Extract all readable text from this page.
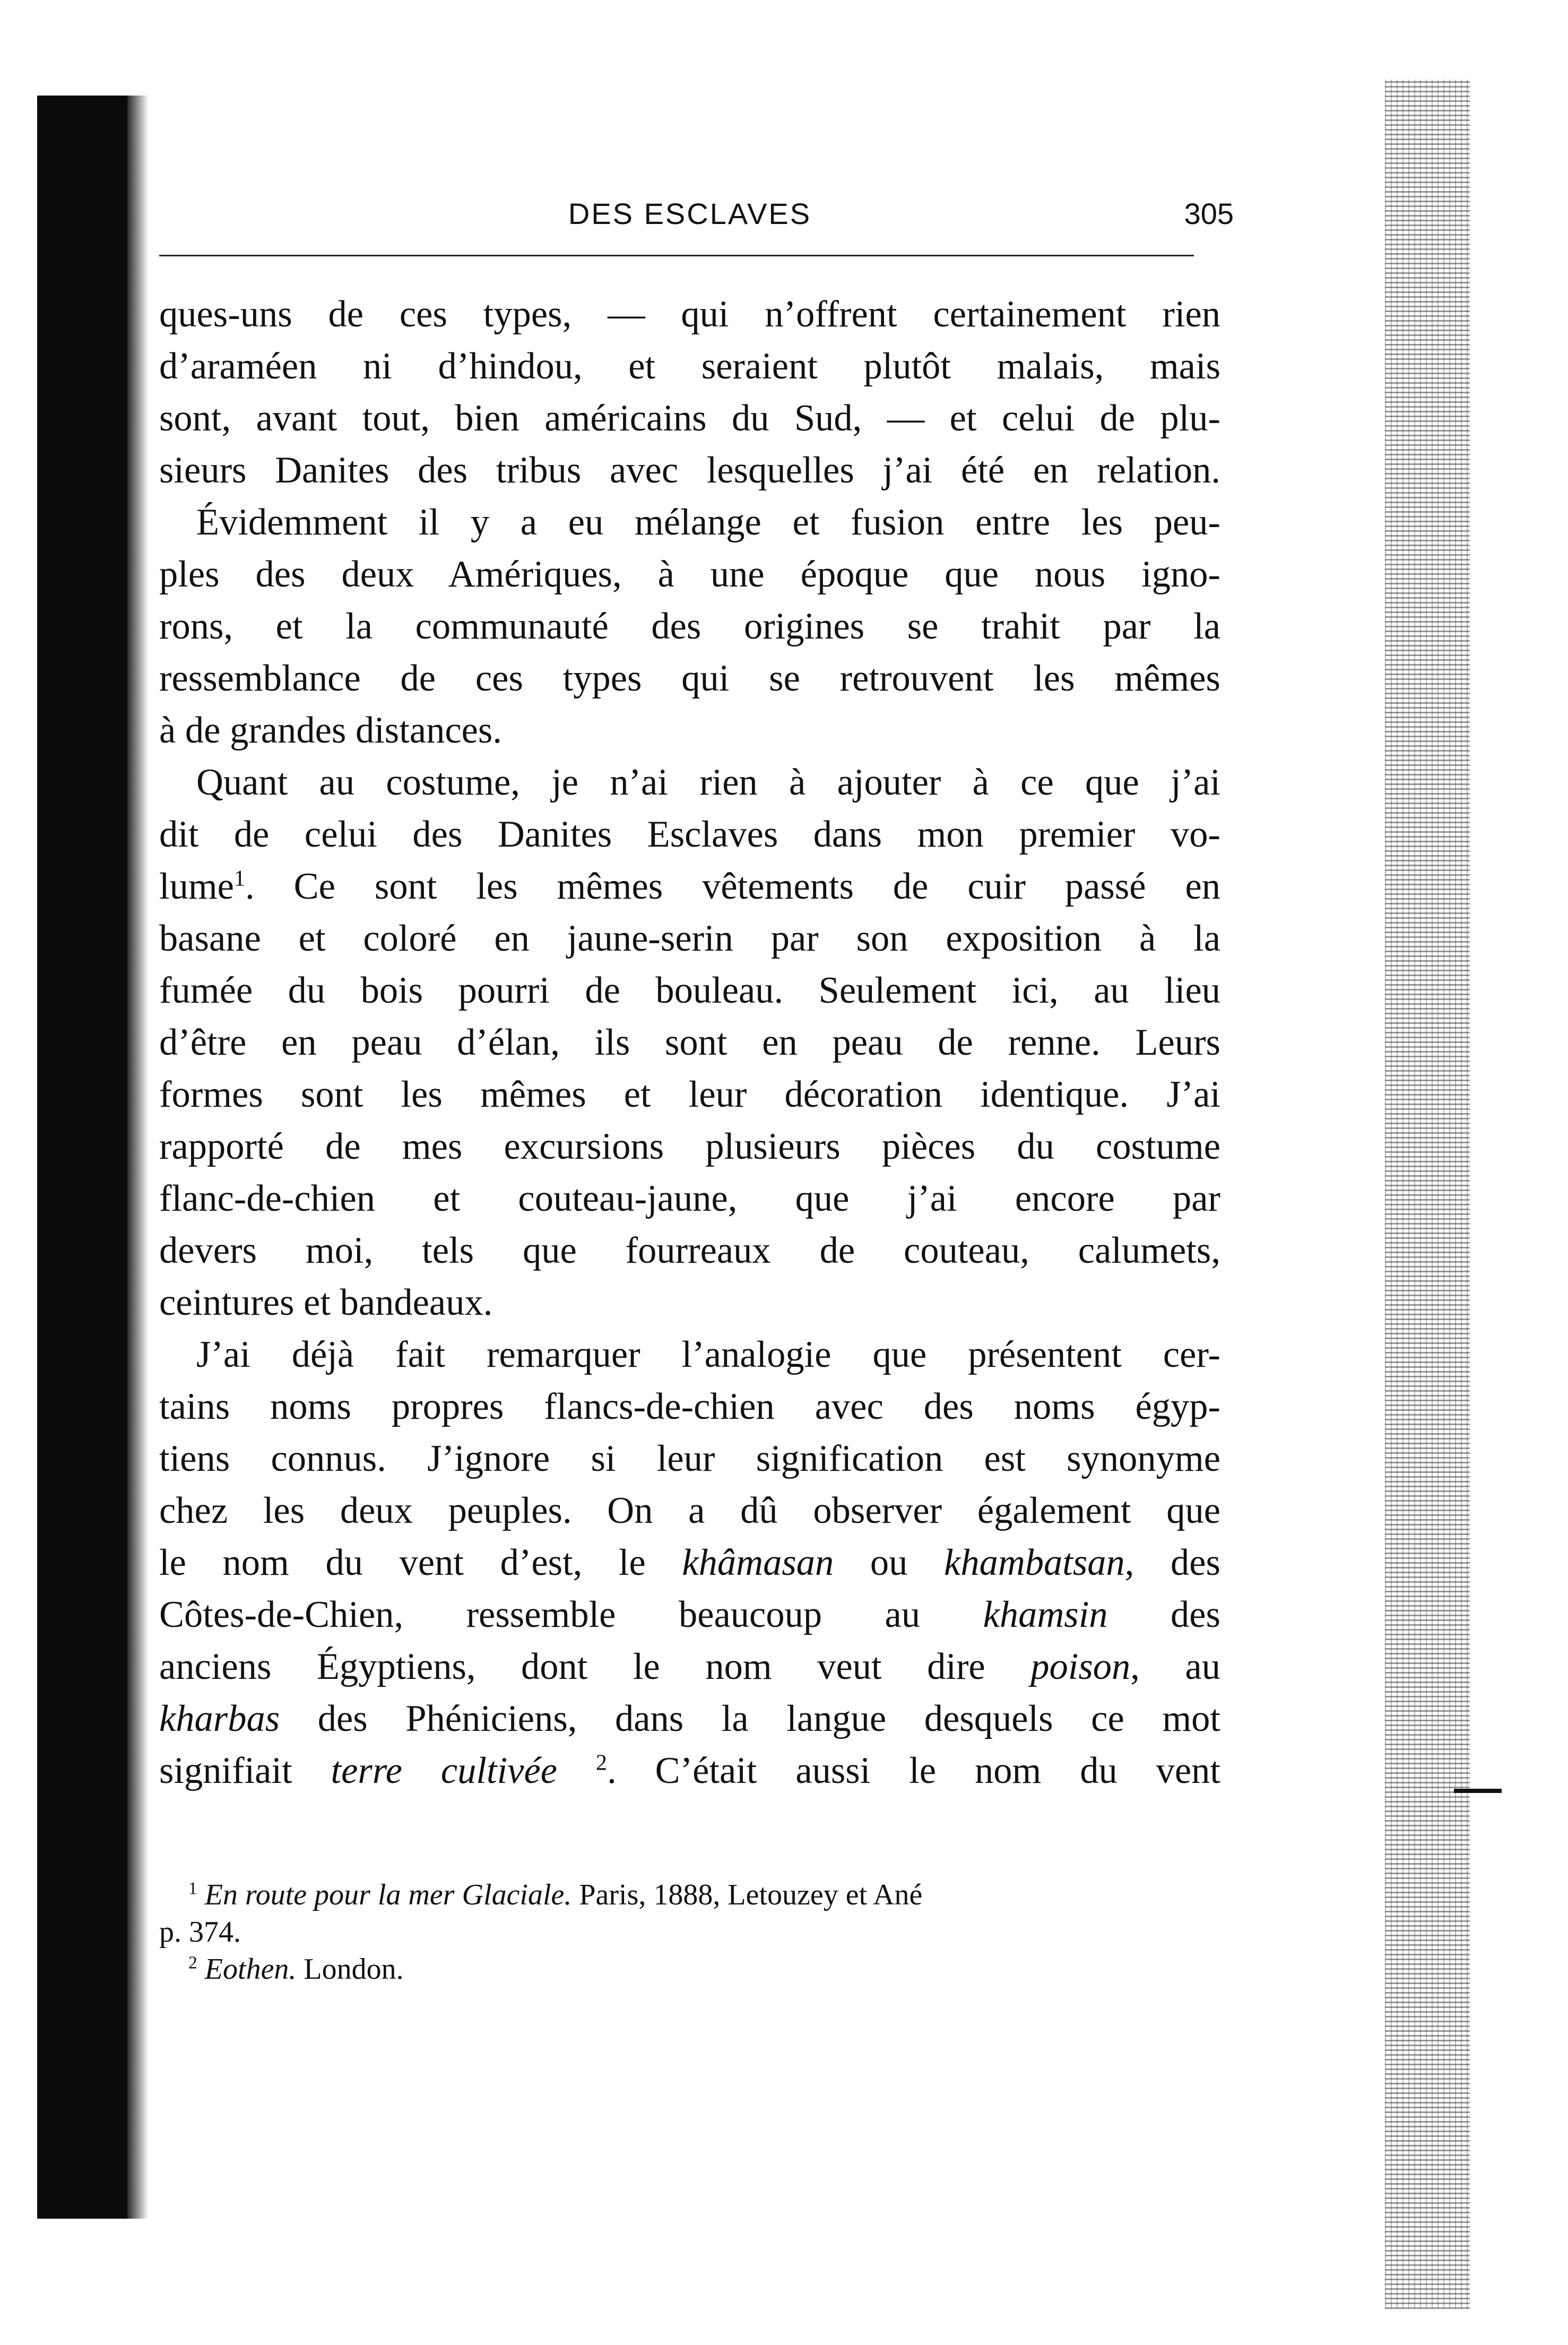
DES ESCLAVES	305

ques-uns de ces types, — qui n’offrent certainement rien
d’araméen ni d’hindou, et seraient plutôt malais, mais
sont, avant tout, bien américains du Sud, — et celui de plu-
sieurs Danites des tribus avec lesquelles j’ai été en relation.

Évidemment il y a eu mélange et fusion entre les peu-
ples des deux Amériques, à une époque que nous igno-
rons, et la communauté des origines se trahit par la
ressemblance de ces types qui se retrouvent les mêmes
à de grandes distances.

Quant au costume, je n’ai rien à ajouter à ce que j’ai
dit de celui des Danites Esclaves dans mon premier vo-
lume$^1$. Ce sont les mêmes vêtements de cuir passé en
basane et coloré en jaune-serin par son exposition à la
fumée du bois pourri de bouleau. Seulement ici, au lieu
d’être en peau d’élan, ils sont en peau de renne. Leurs
formes sont les mêmes et leur décoration identique. J’ai
rapporté de mes excursions plusieurs pièces du costume
flanc-de-chien et couteau-jaune, que j’ai encore par
devers moi, tels que fourreaux de couteau, calumets,
ceintures et bandeaux.

J’ai déjà fait remarquer l’analogie que présentent cer-
tains noms propres flancs-de-chien avec des noms égyp-
tiens connus. J’ignore si leur signification est synonyme
chez les deux peuples. On a dû observer également que
le nom du vent d’est, le khâmasan ou khambatsan, des
Côtes-de-Chien, ressemble beaucoup au khamsin des
anciens Égyptiens, dont le nom veut dire poison, au
kharbas des Phéniciens, dans la langue desquels ce mot
signifiait terre cultivée $^2$. C’était aussi le nom du vent

$^1$ En route pour la mer Glaciale. Paris, 1888, Letouzey et Ané
p. 374.
$^2$ Eothen. London.
